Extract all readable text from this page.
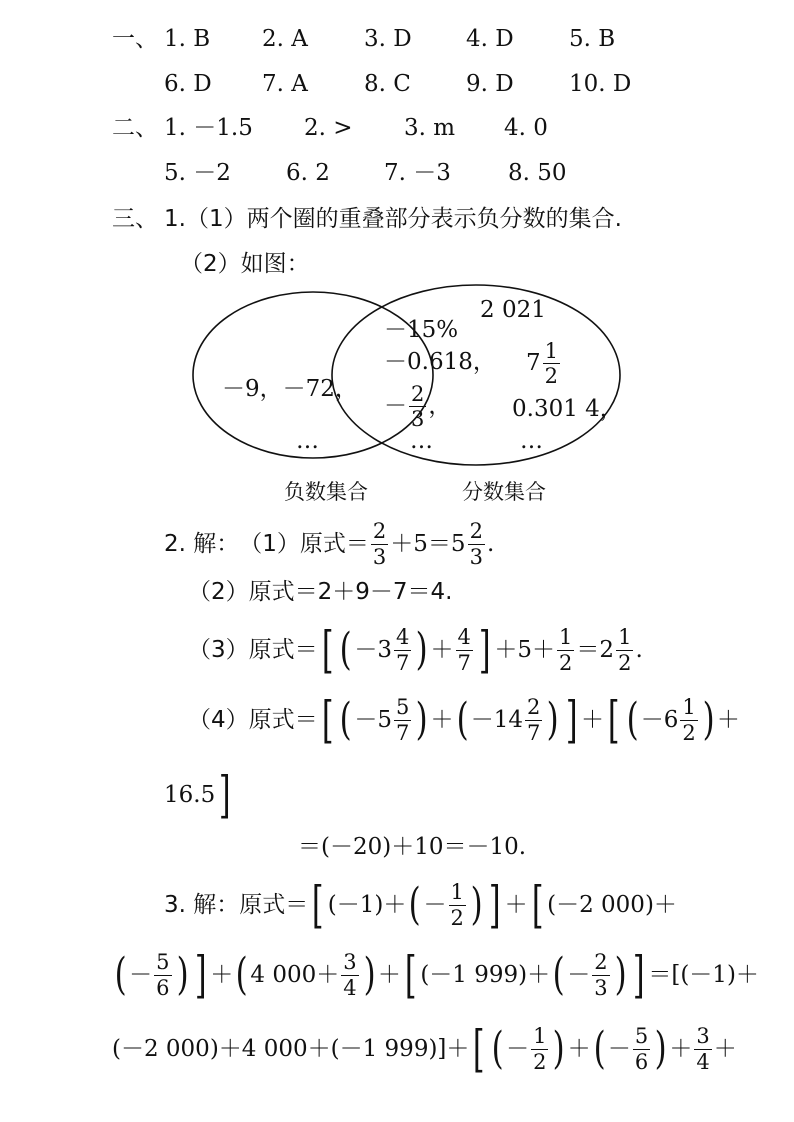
一、 1. B 2. A 3. D 4. D 5. B
6. D 7. A 8. C 9. D 10. D
二、 1. －1.5 2. > 3. m 4. 0
5. －2 6. 2 7. －3 8. 50
三、 1.（1）两个圈的重叠部分表示负分数的集合.
（2）如图：
－9，－72，
…
－15%
－0.618，
－ $\frac{2}{3}$ ，
…
2 021
$7 \frac{1}{2}$
0.301 4，
…
负数集合	分数集合
2. 解： （1）原式＝ $\frac{2}{3} +5=5 \frac{2}{3}$ .
（2）原式＝2＋9－7＝4.
（3）原式＝ [ ( $-3 \frac{4}{7}$ ) ＋ $\frac{4}{7}$ ] $+5+ \frac{1}{2} =2 \frac{1}{2}$ .
（4）原式＝ [ ( $-5 \frac{5}{7}$ ) ＋ ( $-14 \frac{2}{7}$ ) ] ＋ [ ( $-6 \frac{1}{2}$ ) ＋
16.5 ]
＝(－20)＋10＝－10.
3. 解：原式＝ [ (－1) ＋ ( － $\frac{1}{2}$ ) ] ＋ [ (－2 000)＋
( － $\frac{5}{6}$ ) ] ＋ ( 4 $000+ \frac{3}{4}$ ) ＋ [ (－1 999)＋ ( － $\frac{2}{3}$ ) ] ＝[(－1)＋
(－2 000)＋4 000＋(－1 999)]＋ [ ( － $\frac{1}{2}$ ) ＋ ( － $\frac{5}{6}$ ) ＋ $\frac{3}{4}$ ＋
